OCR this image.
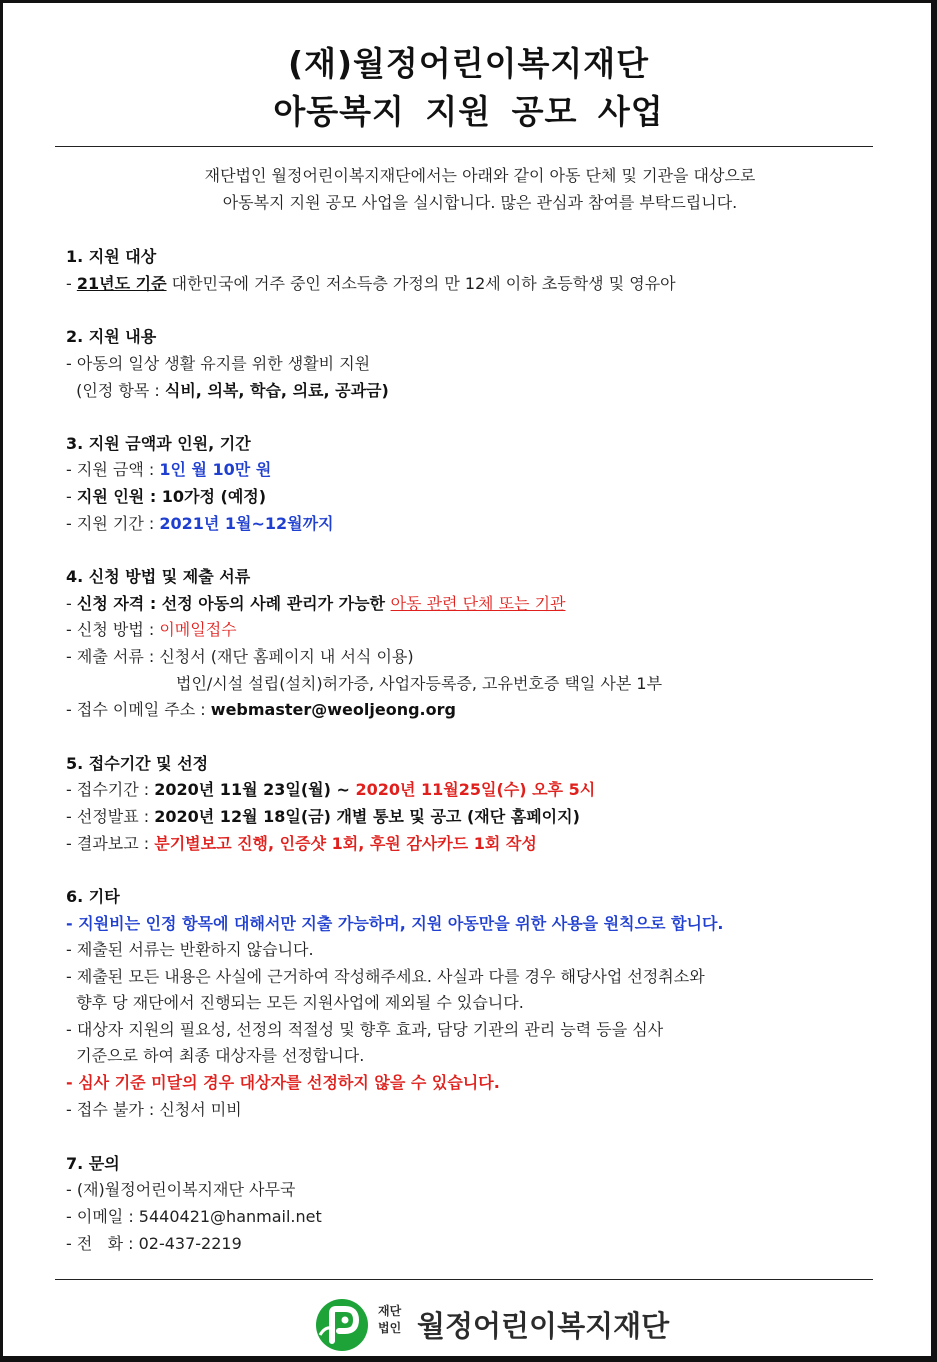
(재)월정어린이복지재단
아동복지 지원 공모 사업
재단법인 월정어린이복지재단에서는 아래와 같이 아동 단체 및 기관을 대상으로
아동복지 지원 공모 사업을 실시합니다. 많은 관심과 참여를 부탁드립니다.
1. 지원 대상
- 21년도 기준 대한민국에 거주 중인 저소득층 가정의 만 12세 이하 초등학생 및 영유아
2. 지원 내용
- 아동의 일상 생활 유지를 위한 생활비 지원
(인정 항목 : 식비, 의복, 학습, 의료, 공과금)
3. 지원 금액과 인원, 기간
- 지원 금액 : 1인 월 10만 원
- 지원 인원 : 10가정 (예정)
- 지원 기간 : 2021년 1월~12월까지
4. 신청 방법 및 제출 서류
- 신청 자격 : 선정 아동의 사례 관리가 가능한 아동 관련 단체 또는 기관
- 신청 방법 : 이메일접수
- 제출 서류 : 신청서 (재단 홈페이지 내 서식 이용)
법인/시설 설립(설치)허가증, 사업자등록증, 고유번호증 택일 사본 1부
- 접수 이메일 주소 : webmaster@weoljeong.org
5. 접수기간 및 선정
- 접수기간 : 2020년 11월 23일(월) ~ 2020년 11월25일(수) 오후 5시
- 선정발표 : 2020년 12월 18일(금) 개별 통보 및 공고 (재단 홈페이지)
- 결과보고 : 분기별보고 진행, 인증샷 1회, 후원 감사카드 1회 작성
6. 기타
- 지원비는 인정 항목에 대해서만 지출 가능하며, 지원 아동만을 위한 사용을 원칙으로 합니다.
- 제출된 서류는 반환하지 않습니다.
- 제출된 모든 내용은 사실에 근거하여 작성해주세요. 사실과 다를 경우 해당사업 선정취소와
향후 당 재단에서 진행되는 모든 지원사업에 제외될 수 있습니다.
- 대상자 지원의 필요성, 선정의 적절성 및 향후 효과, 담당 기관의 관리 능력 등을 심사
기준으로 하여 최종 대상자를 선정합니다.
- 심사 기준 미달의 경우 대상자를 선정하지 않을 수 있습니다.
- 접수 불가 : 신청서 미비
7. 문의
- (재)월정어린이복지재단 사무국
- 이메일 : 5440421@hanmail.net
- 전   화 : 02-437-2219
재단
법인 월정어린이복지재단
